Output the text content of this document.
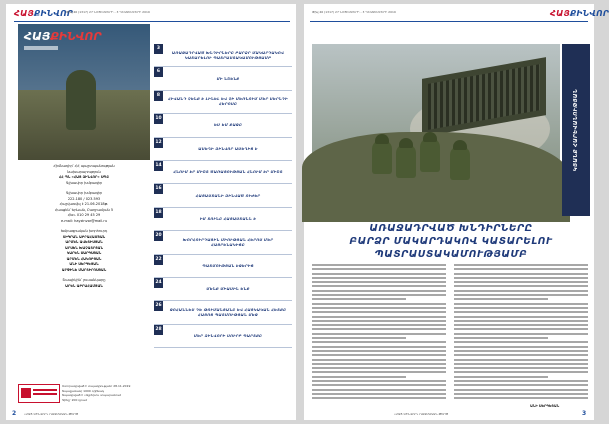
ՀԱՅՔԻՆՎՈՐ
Թիվ 46 (1317) 27 ՆՈՅԵՄԲԵՐԻ - 3 ԴԵԿՏԵՄԲԵՐԻ 2019
ՀԱՅՔԻՆՎՈՐ
Հիմնադիր՝ ՀՀ պաշտպանության
նախարարություն
ՀՀ ՊՆ «ՀԱՅ ԶԻՆՎՈՐ» ՍՊԸ
Գլխավոր խմբագիր
Գլխավոր խմբագիր
222.180 / 023.593
Հաշվառվել է 21.06.2018թ.
Հասցեն՝ Երևան, Բաղրամյան 5
Հեռ. 010 29 45 29
e-mail: hayzinvor@mail.ru
Խմբագրական խորհուրդ
ՏԻԳՐԱՆ ԱԲՐԱՀԱՄՅԱՆ
ԱՐՄԵՆ ԱՎԵՏԻՍՅԱՆ
ԱՐՍԵՆ ԽԱՉԱՏՐՅԱՆ
ԿԱՐԵՆ ՍԱՐԳՍՅԱՆ
ԱՐՄԵՆ ՀԱԿՈԲՅԱՆ
ԱՆԻ ՍԵՐԳԵՅԱՆ
ԱՐՓԻՆԵ ՄԱՐՏԻՐՈՍՅԱՆ
Շապիկին՝ լուսանկարը
ԱՐԵՆ ԱԲՐԱՀԱՄՅԱՆ
Ստորագրված է տպագրության՝ 28.11.2019
Տպաքանակ՝ 1000 օրինակ
Տպագրված է «Ալբերտ» տպարանում
Գինը՝ 200 դրամ
3
ԱՌԱՋԱԴՐՎԱԾ ԽՆԴԻՐՆԵՐԸ ԲԱՐՁՐ ՄԱԿԱՐԴԱԿՈՎ ԿԱՏԱՐԵԼՈՒ ՊԱՏՐԱՍՏԱԿԱՄՈՒԹՅԱՄԲ
6
ՄԻ ՆՇԵՆՔ
8
ՀԻՎԱՆԴ ՉԵՆՔ Է ԼԻՆԵԼ ԵՎ ՉԻ ՄԵՌՆՈՒՄ ՄԵՐ ՍԵՐՆԴԻ ՀԵՐՈՍԸ
10
ԵՍ ԵՄ ՔԱՋԸ
12
ԱՍԵՂԻ ԶԻՆՎՈՐ ԱՍԵՂԻՑ Է
14
ՀՆՈՒՄ ԷՐ ՄԻՇՏ ԾԱՌԱՅՈՒԹՅԱՆ ՀՆՈՒՄ ԷՐ ՄԻՇՏ
16
ՀԱՅԱՍՏԱՆԻ ԶԻՆՎԱԾ ՈՒԺԵՐ
18
ԻՄ ՏՈՒՆԸ ՀԱՅԱՍՏԱՆՆ Է
20
ԽՈՐՀՈՒՐԴԱՅԻՆ ՄԻՈՒԹՅԱՆ ՀԵՐՈՍ ՄԵՐ ՀԱՅՐԵՆԱԿԻՑԸ
22
ՊԱՏՄՈՒԹՅԱՆ ԷՋԵՐԻՑ
24
ՄԵՆՔ ՄԻԱՍԻՆ ԵՆՔ
26
ՋՈՀԱՆՆԵՍ ԴԵ ԹՈՒՄԱՆՅԱՆԸ ԵՎ ՀԱՅԿԱԿԱՆ ՀԵՏՔԸ ՀԱՅՈՑ ՊԱՏՄՈՒԹՅԱՆ ՄԵՋ
28
ՄԵՐ ԶԻՆՎՈՐԻ ՍՈՒՐԲ ՊԱՐՏՔԸ
2	«ՀԱՅ ԶԻՆՎՈՐ» ՌԱԶՄԱԿԱՆ ԹԵՐԹ
Թիվ 46 (1317) 27 ՆՈՅԵՄԲԵՐԻ - 3 ԴԵԿՏԵՄԲԵՐԻ 2019	ՀԱՅՔԻՆՎՈՐ
ԿՅԱՆՔ ՀԱՐԵՎԱՆՈՒԹՅԱՆ
ԱՌԱՋԱԴՐՎԱԾ ԽՆԴԻՐՆԵՐԸ
ԲԱՐՁՐ ՄԱԿԱՐԴԱԿՈՎ ԿԱՏԱՐԵԼՈՒ
ՊԱՏՐԱՍՏԱԿԱՄՈՒԹՅԱՄԲ
ԱՆԻ ՍԵՐԳԵՅԱՆ
«ՀԱՅ ԶԻՆՎՈՐ» ՌԱԶՄԱԿԱՆ ԹԵՐԹ	3
